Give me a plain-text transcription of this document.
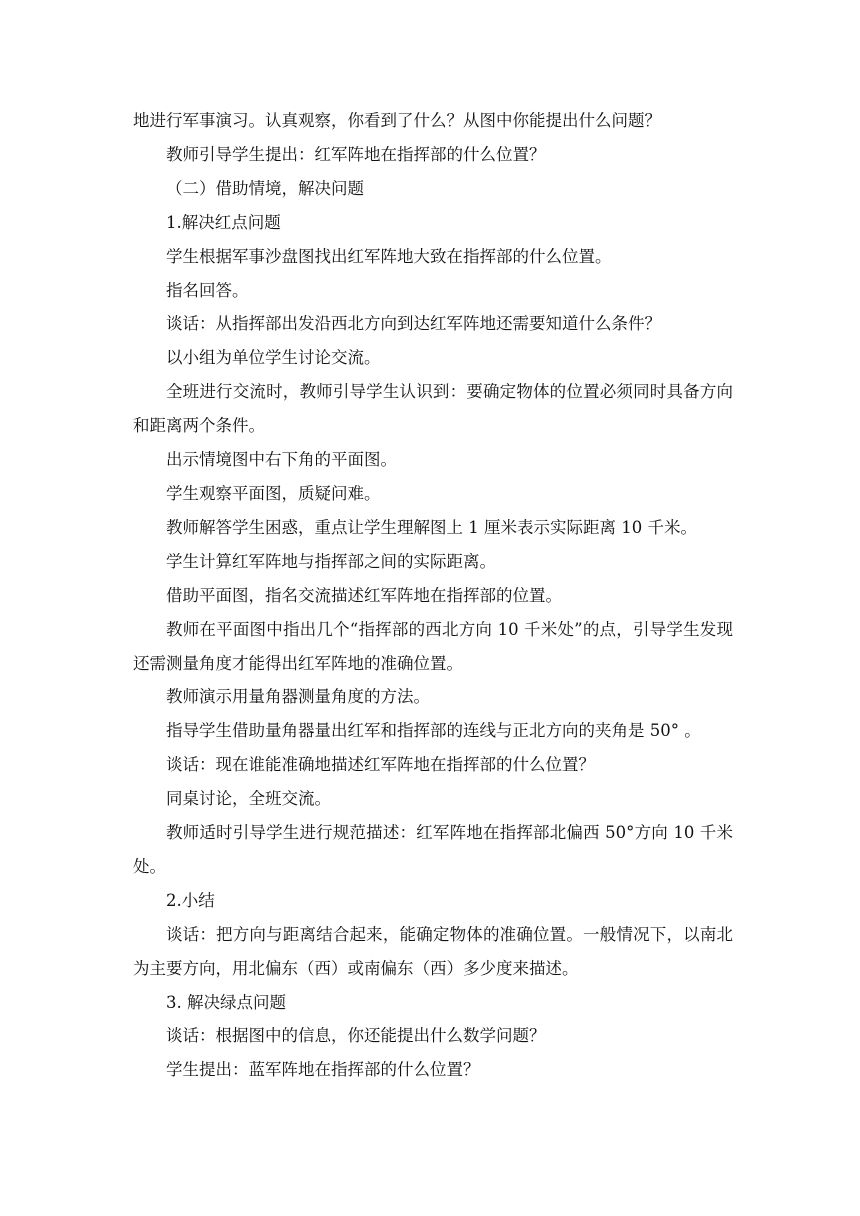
地进行军事演习。认真观察，你看到了什么？从图中你能提出什么问题？

教师引导学生提出：红军阵地在指挥部的什么位置？

（二）借助情境，解决问题

1.解决红点问题

学生根据军事沙盘图找出红军阵地大致在指挥部的什么位置。

指名回答。

谈话：从指挥部出发沿西北方向到达红军阵地还需要知道什么条件？

以小组为单位学生讨论交流。

全班进行交流时，教师引导学生认识到：要确定物体的位置必须同时具备方向和距离两个条件。

出示情境图中右下角的平面图。

学生观察平面图，质疑问难。

教师解答学生困惑，重点让学生理解图上 1 厘米表示实际距离 10 千米。

学生计算红军阵地与指挥部之间的实际距离。

借助平面图，指名交流描述红军阵地在指挥部的位置。

教师在平面图中指出几个“指挥部的西北方向 10 千米处”的点，引导学生发现还需测量角度才能得出红军阵地的准确位置。

教师演示用量角器测量角度的方法。

指导学生借助量角器量出红军和指挥部的连线与正北方向的夹角是 50° 。

谈话：现在谁能准确地描述红军阵地在指挥部的什么位置？

同桌讨论，全班交流。

教师适时引导学生进行规范描述：红军阵地在指挥部北偏西 50°方向 10 千米处。

2.小结

谈话：把方向与距离结合起来，能确定物体的准确位置。一般情况下，以南北为主要方向，用北偏东（西）或南偏东（西）多少度来描述。

3. 解决绿点问题

谈话：根据图中的信息，你还能提出什么数学问题？

学生提出：蓝军阵地在指挥部的什么位置？
